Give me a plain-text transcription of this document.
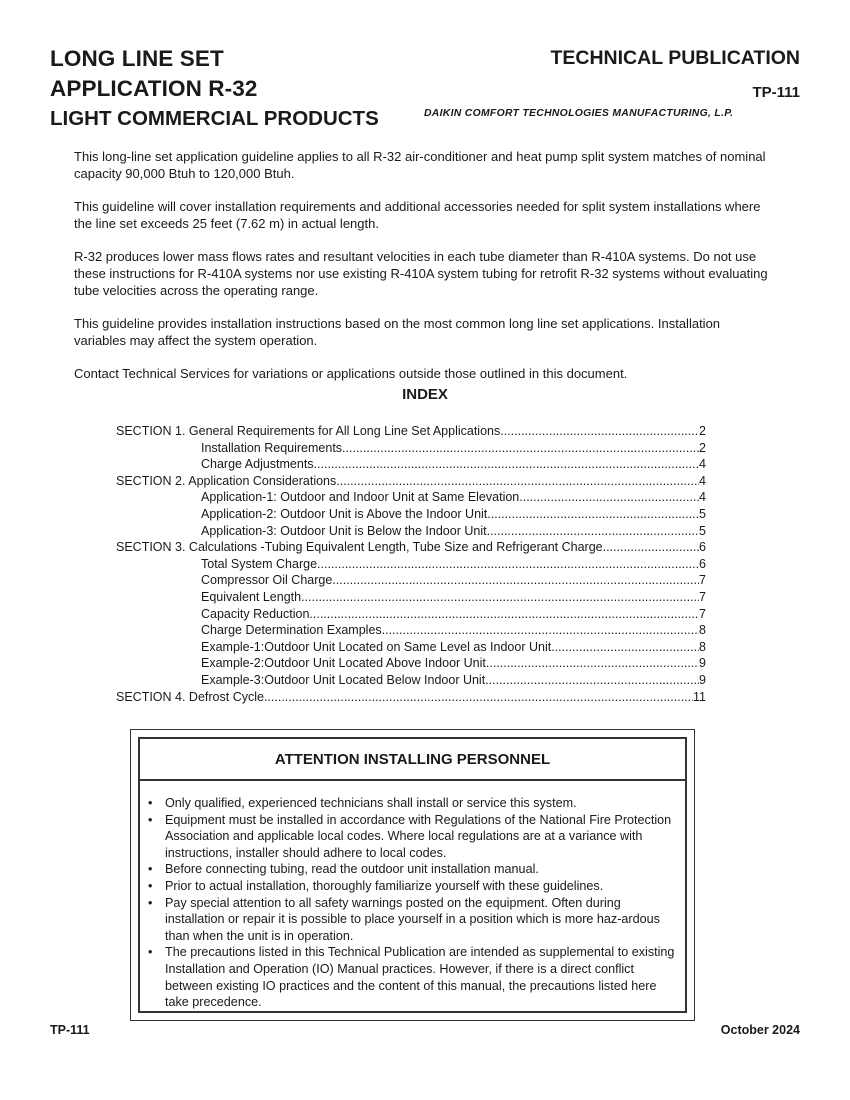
LONG LINE SET

APPLICATION R-32

LIGHT COMMERCIAL PRODUCTS

TECHNICAL PUBLICATION

TP-111
DAIKIN COMFORT TECHNOLOGIES MANUFACTURING, L.P.

This long-line set application guideline applies to all R-32 air-conditioner and heat pump split system matches of nominal capacity 90,000 Btuh to 120,000 Btuh.

This guideline will cover installation requirements and additional accessories needed for split system installations where the line set exceeds 25 feet (7.62 m) in actual length.

R-32 produces lower mass flows rates and resultant velocities in each tube diameter than R-410A systems. Do not use these instructions for R-410A systems nor use existing R-410A system tubing for retrofit R-32 systems without evaluating tube velocities across the operating range.

This guideline provides installation instructions based on the most common long line set applications. Installation variables may affect the system operation.

Contact Technical Services for variations or applications outside those outlined in this document.

INDEX
SECTION 1. General Requirements for All Long Line Set Applications .....	2
Installation Requirements .....	2
Charge Adjustments .....	4
SECTION 2. Application Considerations .....	4
Application-1: Outdoor and Indoor Unit at Same Elevation .....	4
Application-2: Outdoor Unit is Above the Indoor Unit .....	5
Application-3: Outdoor Unit is Below the Indoor Unit .....	5
SECTION 3. Calculations -Tubing Equivalent Length, Tube Size and Refrigerant Charge .....	6
Total System Charge .....	6
Compressor Oil Charge .....	7
Equivalent Length .....	7
Capacity Reduction .....	7
Charge Determination Examples .....	8
Example-1:Outdoor Unit Located on Same Level as Indoor Unit .....	8
Example-2:Outdoor Unit Located Above Indoor Unit .....	9
Example-3:Outdoor Unit Located Below Indoor Unit .....	9
SECTION 4. Defrost Cycle .....	11
ATTENTION INSTALLING PERSONNEL
• Only qualified, experienced technicians shall install or service this system.
• Equipment must be installed in accordance with Regulations of the National Fire Protection Association and applicable local codes. Where local regulations are at a variance with instructions, installer should adhere to local codes.
• Before connecting tubing, read the outdoor unit installation manual.
• Prior to actual installation, thoroughly familiarize yourself with these guidelines.
• Pay special attention to all safety warnings posted on the equipment. Often during installation or repair it is possible to place yourself in a position which is more haz-ardous than when the unit is in operation.
• The precautions listed in this Technical Publication are intended as supplemental to existing Installation and Operation (IO) Manual practices. However, if there is a direct conflict between existing IO practices and the content of this manual, the precautions listed here take precedence.
TP-111	October 2024
